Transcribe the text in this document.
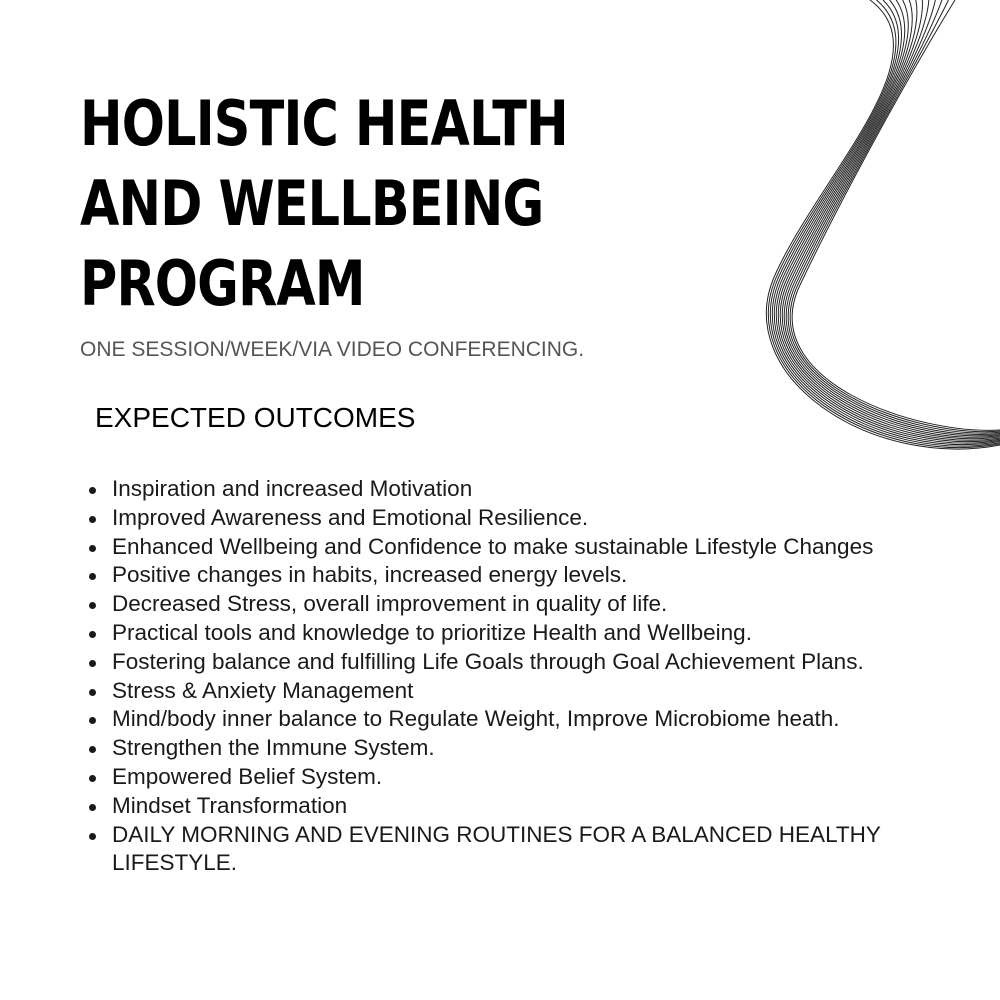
HOLISTIC HEALTH
AND WELLBEING
PROGRAM

ONE SESSION/WEEK/VIA VIDEO CONFERENCING.

EXPECTED OUTCOMES
Inspiration and increased Motivation
Improved Awareness and Emotional Resilience.
Enhanced Wellbeing and Confidence to make sustainable Lifestyle Changes
Positive changes in habits, increased energy levels.
Decreased Stress, overall improvement in quality of life.
Practical tools and knowledge to prioritize Health and Wellbeing.
Fostering balance and fulfilling Life Goals through Goal Achievement Plans.
Stress & Anxiety Management
Mind/body inner balance to Regulate Weight, Improve Microbiome heath.
Strengthen the Immune System.
Empowered Belief System.
Mindset Transformation
DAILY MORNING AND EVENING ROUTINES FOR A BALANCED HEALTHY LIFESTYLE.
